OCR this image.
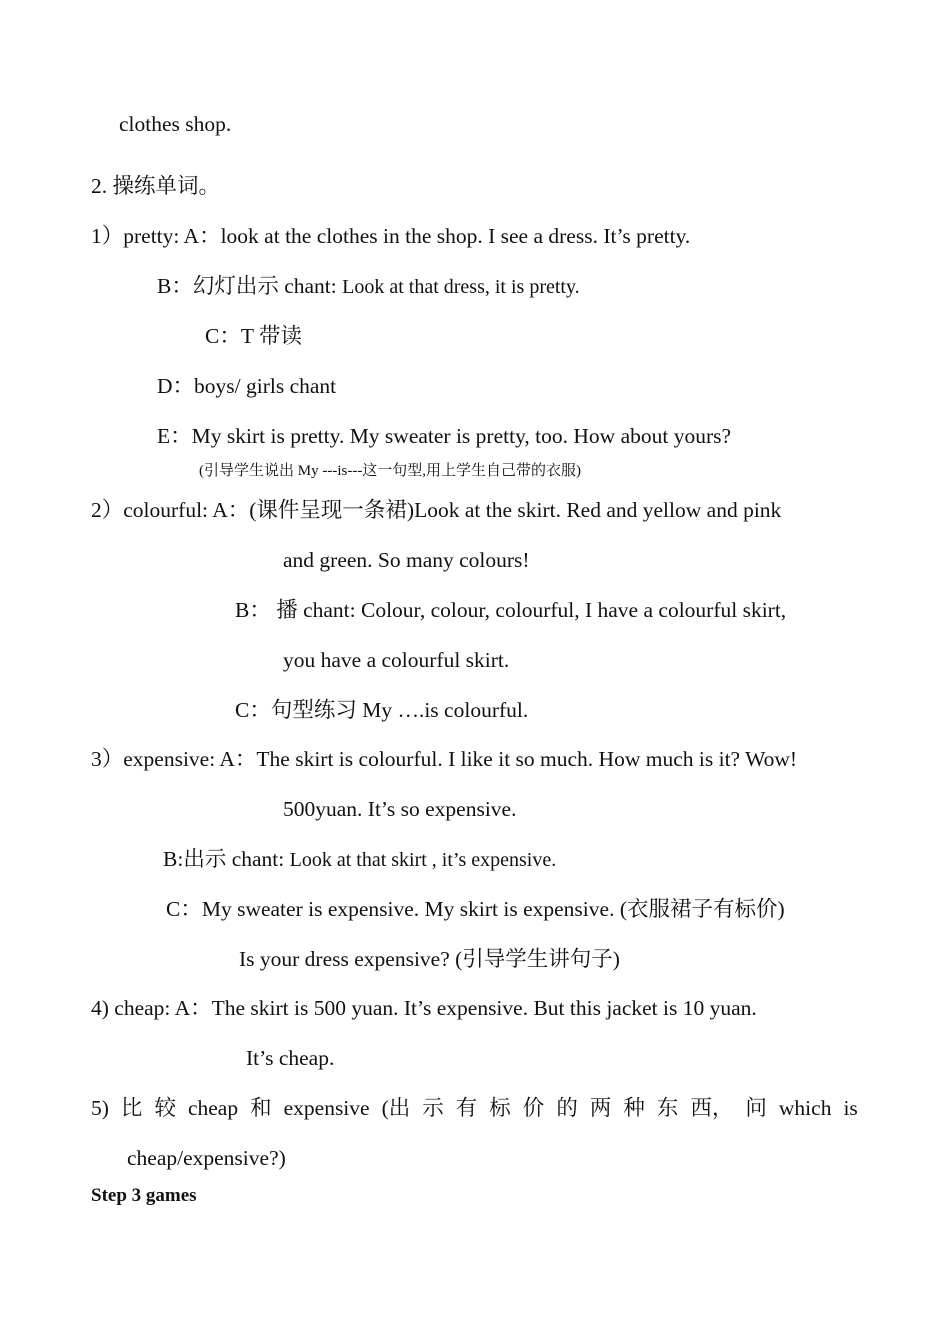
clothes shop.
2. 操练单词。
1）pretty: A：look at the clothes in the shop. I see a dress. It’s pretty.
B：幻灯出示 chant: Look at that dress, it is pretty.
C：T 带读
D：boys/ girls chant
E：My skirt is pretty. My sweater is pretty, too. How about yours?
(引导学生说出 My ---is---这一句型,用上学生自己带的衣服)
2）colourful: A：(课件呈现一条裙)Look at the skirt. Red and yellow and pink
and green. So many colours!
B： 播 chant: Colour, colour, colourful, I have a colourful skirt,
you have a colourful skirt.
C：句型练习 My ….is colourful.
3）expensive: A：The skirt is colourful. I like it so much. How much is it? Wow!
500yuan. It’s so expensive.
B:出示 chant: Look at that skirt , it’s expensive.
C：My sweater is expensive. My skirt is expensive. (衣服裙子有标价)
Is your dress expensive? (引导学生讲句子)
4) cheap: A：The skirt is 500 yuan. It’s expensive. But this jacket is 10 yuan.
It’s cheap.
5) 比 较 cheap 和 expensive (出 示 有 标 价 的 两 种 东 西， 问 which is
cheap/expensive?)
Step 3 games
